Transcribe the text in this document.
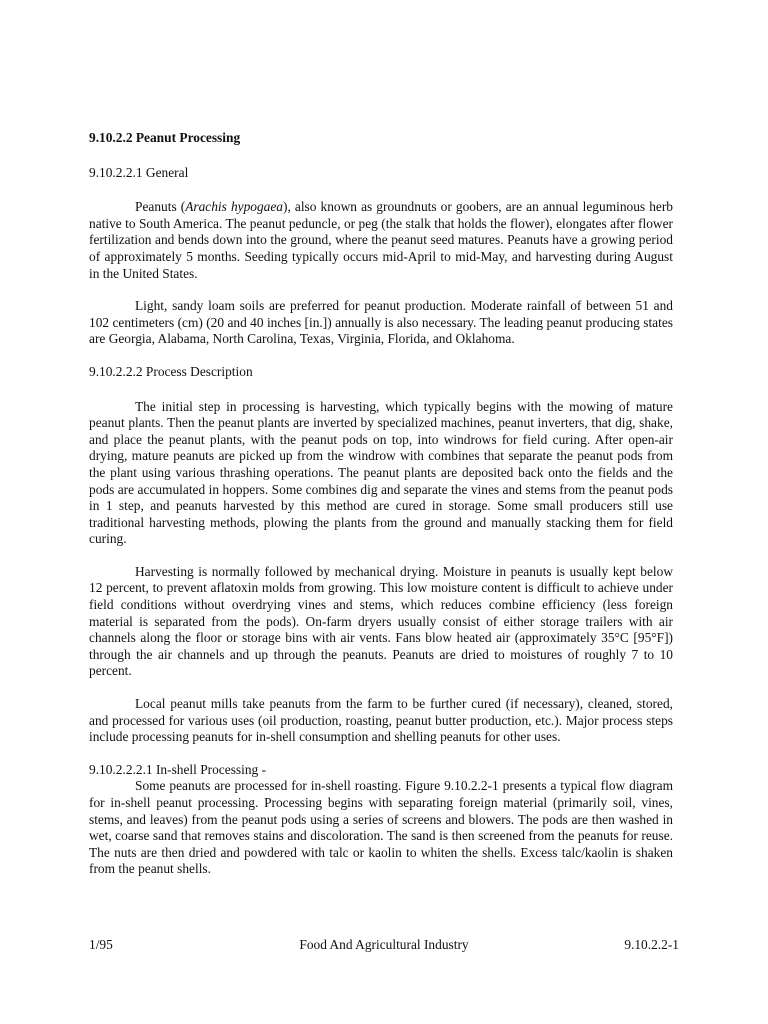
9.10.2.2 Peanut Processing
9.10.2.2.1 General

Peanuts (Arachis hypogaea), also known as groundnuts or goobers, are an annual leguminous herb native to South America. The peanut peduncle, or peg (the stalk that holds the flower), elongates after flower fertilization and bends down into the ground, where the peanut seed matures. Peanuts have a growing period of approximately 5 months. Seeding typically occurs mid-April to mid-May, and harvesting during August in the United States.

Light, sandy loam soils are preferred for peanut production. Moderate rainfall of between 51 and 102 centimeters (cm) (20 and 40 inches [in.]) annually is also necessary. The leading peanut producing states are Georgia, Alabama, North Carolina, Texas, Virginia, Florida, and Oklahoma.

9.10.2.2.2 Process Description

The initial step in processing is harvesting, which typically begins with the mowing of mature peanut plants. Then the peanut plants are inverted by specialized machines, peanut inverters, that dig, shake, and place the peanut plants, with the peanut pods on top, into windrows for field curing. After open-air drying, mature peanuts are picked up from the windrow with combines that separate the peanut pods from the plant using various thrashing operations. The peanut plants are deposited back onto the fields and the pods are accumulated in hoppers. Some combines dig and separate the vines and stems from the peanut pods in 1 step, and peanuts harvested by this method are cured in storage. Some small producers still use traditional harvesting methods, plowing the plants from the ground and manually stacking them for field curing.

Harvesting is normally followed by mechanical drying. Moisture in peanuts is usually kept below 12 percent, to prevent aflatoxin molds from growing. This low moisture content is difficult to achieve under field conditions without overdrying vines and stems, which reduces combine efficiency (less foreign material is separated from the pods). On-farm dryers usually consist of either storage trailers with air channels along the floor or storage bins with air vents. Fans blow heated air (approximately 35°C [95°F]) through the air channels and up through the peanuts. Peanuts are dried to moistures of roughly 7 to 10 percent.

Local peanut mills take peanuts from the farm to be further cured (if necessary), cleaned, stored, and processed for various uses (oil production, roasting, peanut butter production, etc.). Major process steps include processing peanuts for in-shell consumption and shelling peanuts for other uses.

9.10.2.2.2.1 In-shell Processing -

Some peanuts are processed for in-shell roasting. Figure 9.10.2.2-1 presents a typical flow diagram for in-shell peanut processing. Processing begins with separating foreign material (primarily soil, vines, stems, and leaves) from the peanut pods using a series of screens and blowers. The pods are then washed in wet, coarse sand that removes stains and discoloration. The sand is then screened from the peanuts for reuse. The nuts are then dried and powdered with talc or kaolin to whiten the shells. Excess talc/kaolin is shaken from the peanut shells.

1/95	Food And Agricultural Industry	9.10.2.2-1
